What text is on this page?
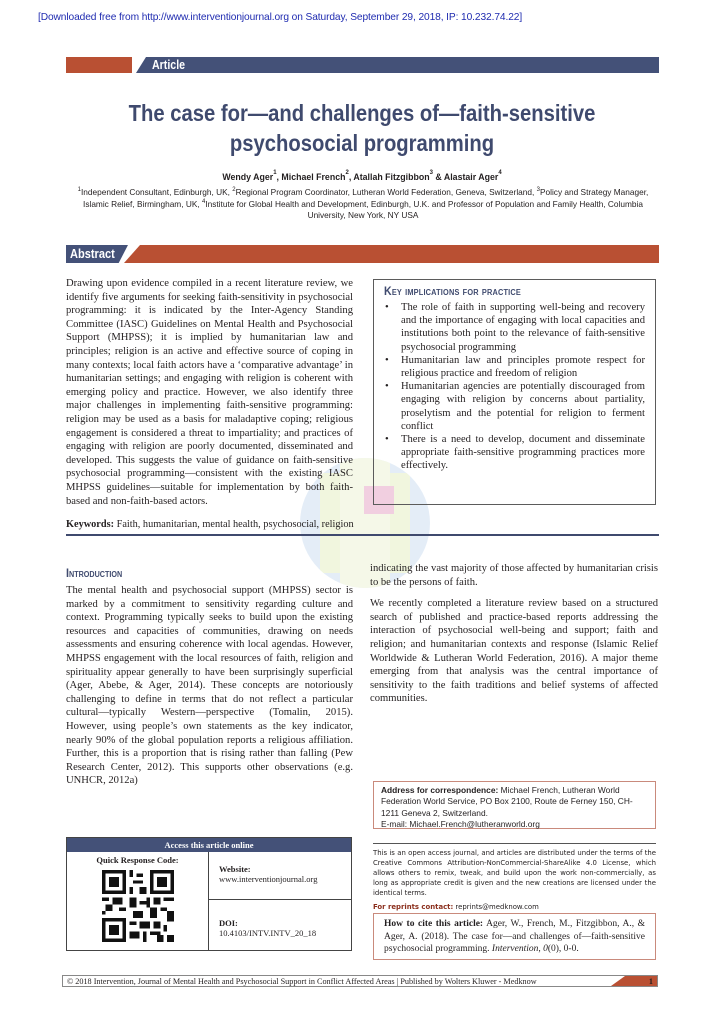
[Downloaded free from http://www.interventionjournal.org on Saturday, September 29, 2018, IP: 10.232.74.22]
Article
The case for—and challenges of—faith-sensitive
psychosocial programming
Wendy Ager$^1$, Michael French$^2$, Atallah Fitzgibbon$^3$ & Alastair Ager$^4$
$^1$Independent Consultant, Edinburgh, UK, $^2$Regional Program Coordinator, Lutheran World Federation, Geneva, Switzerland, $^3$Policy and Strategy Manager, Islamic Relief, Birmingham, UK, $^4$Institute for Global Health and Development, Edinburgh, U.K. and Professor of Population and Family Health, Columbia University, New York, NY USA
Abstract
Drawing upon evidence compiled in a recent literature review, we identify five arguments for seeking faith-sensitivity in psychosocial programming: it is indicated by the Inter-Agency Standing Committee (IASC) Guidelines on Mental Health and Psychosocial Support (MHPSS); it is implied by humanitarian law and principles; religion is an active and effective source of coping in many contexts; local faith actors have a ‘comparative advantage’ in humanitarian settings; and engaging with religion is coherent with emerging policy and practice. However, we also identify three major challenges in implementing faith-sensitive programming: religion may be used as a basis for maladaptive coping; religious engagement is considered a threat to impartiality; and practices of engaging with religion are poorly documented, disseminated and developed. This suggests the value of guidance on faith-sensitive psychosocial programming—consistent with the existing IASC MHPSS guidelines—suitable for implementation by both faith-based and non-faith-based actors.
Key implications for practice
• The role of faith in supporting well-being and recovery and the importance of engaging with local capacities and institutions both point to the relevance of faith-sensitive psychosocial programming
• Humanitarian law and principles promote respect for religious practice and freedom of religion
• Humanitarian agencies are potentially discouraged from engaging with religion by concerns about partiality, proselytism and the potential for religion to ferment conflict
• There is a need to develop, document and disseminate appropriate faith-sensitive programming practices more effectively.
Keywords: Faith, humanitarian, mental health, psychosocial, religion
Introduction
The mental health and psychosocial support (MHPSS) sector is marked by a commitment to sensitivity regarding culture and context. Programming typically seeks to build upon the existing resources and capacities of communities, drawing on needs assessments and ensuring coherence with local agendas. However, MHPSS engagement with the local resources of faith, religion and spirituality appear generally to have been surprisingly superficial (Ager, Abebe, & Ager, 2014). These concepts are notoriously challenging to define in terms that do not reflect a particular cultural—typically Western—perspective (Tomalin, 2015). However, using people’s own statements as the key indicator, nearly 90% of the global population reports a religious affiliation. Further, this is a proportion that is rising rather than falling (Pew Research Center, 2012). This supports other observations (e.g. UNHCR, 2012a)

indicating the vast majority of those affected by humanitarian crisis to be the persons of faith.

We recently completed a literature review based on a structured search of published and practice-based reports addressing the interaction of psychosocial well-being and support; faith and religion; and humanitarian contexts and response (Islamic Relief Worldwide & Lutheran World Federation, 2016). A major theme emerging from that analysis was the central importance of sensitivity to the faith traditions and belief systems of affected communities.

Address for correspondence: Michael French, Lutheran World Federation World Service, PO Box 2100, Route de Ferney 150, CH-1211 Geneva 2, Switzerland.
E-mail: Michael.French@lutheranworld.org
This is an open access journal, and articles are distributed under the terms of the Creative Commons Attribution-NonCommercial-ShareAlike 4.0 License, which allows others to remix, tweak, and build upon the work non-commercially, as long as appropriate credit is given and the new creations are licensed under the identical terms.
For reprints contact: reprints@medknow.com
How to cite this article: Ager, W., French, M., Fitzgibbon, A., & Ager, A. (2018). The case for—and challenges of—faith-sensitive psychosocial programming. Intervention, 0(0), 0-0.
Access this article online
Quick Response Code:
Website:
www.interventionjournal.org
DOI:
10.4103/INTV.INTV_20_18
© 2018 Intervention, Journal of Mental Health and Psychosocial Support in Conflict Affected Areas | Published by Wolters Kluwer - Medknow	1
